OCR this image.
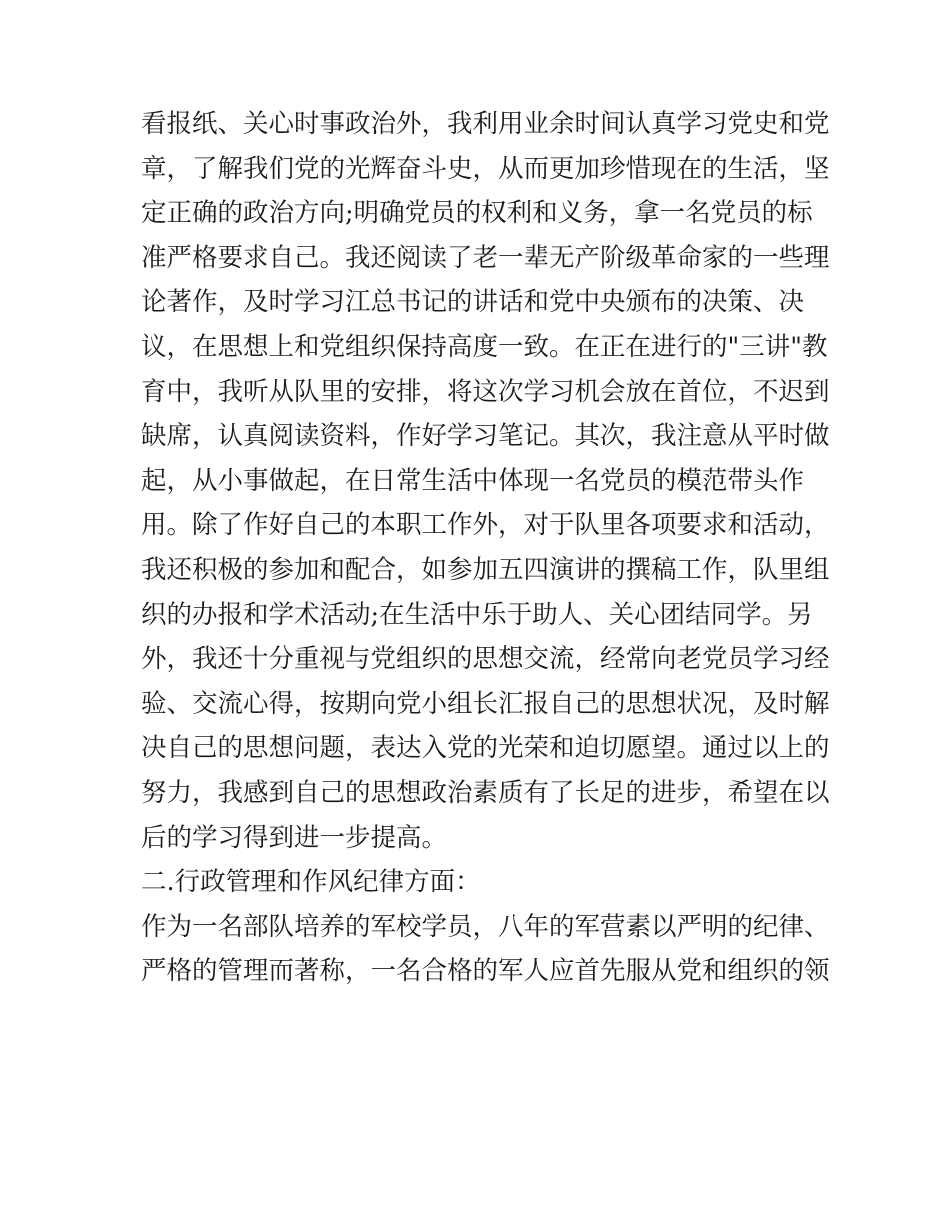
看报纸、关心时事政治外，我利用业余时间认真学习党史和党
章，了解我们党的光辉奋斗史，从而更加珍惜现在的生活，坚
定正确的政治方向;明确党员的权利和义务，拿一名党员的标
准严格要求自己。我还阅读了老一辈无产阶级革命家的一些理
论著作，及时学习江总书记的讲话和党中央颁布的决策、决
议，在思想上和党组织保持高度一致。在正在进行的"三讲"教
育中，我听从队里的安排，将这次学习机会放在首位，不迟到
缺席，认真阅读资料，作好学习笔记。其次，我注意从平时做
起，从小事做起，在日常生活中体现一名党员的模范带头作
用。除了作好自己的本职工作外，对于队里各项要求和活动，
我还积极的参加和配合，如参加五四演讲的撰稿工作，队里组
织的办报和学术活动;在生活中乐于助人、关心团结同学。另
外，我还十分重视与党组织的思想交流，经常向老党员学习经
验、交流心得，按期向党小组长汇报自己的思想状况，及时解
决自己的思想问题，表达入党的光荣和迫切愿望。通过以上的
努力，我感到自己的思想政治素质有了长足的进步，希望在以
后的学习得到进一步提高。
二.行政管理和作风纪律方面：
作为一名部队培养的军校学员，八年的军营素以严明的纪律、
严格的管理而著称，一名合格的军人应首先服从党和组织的领
